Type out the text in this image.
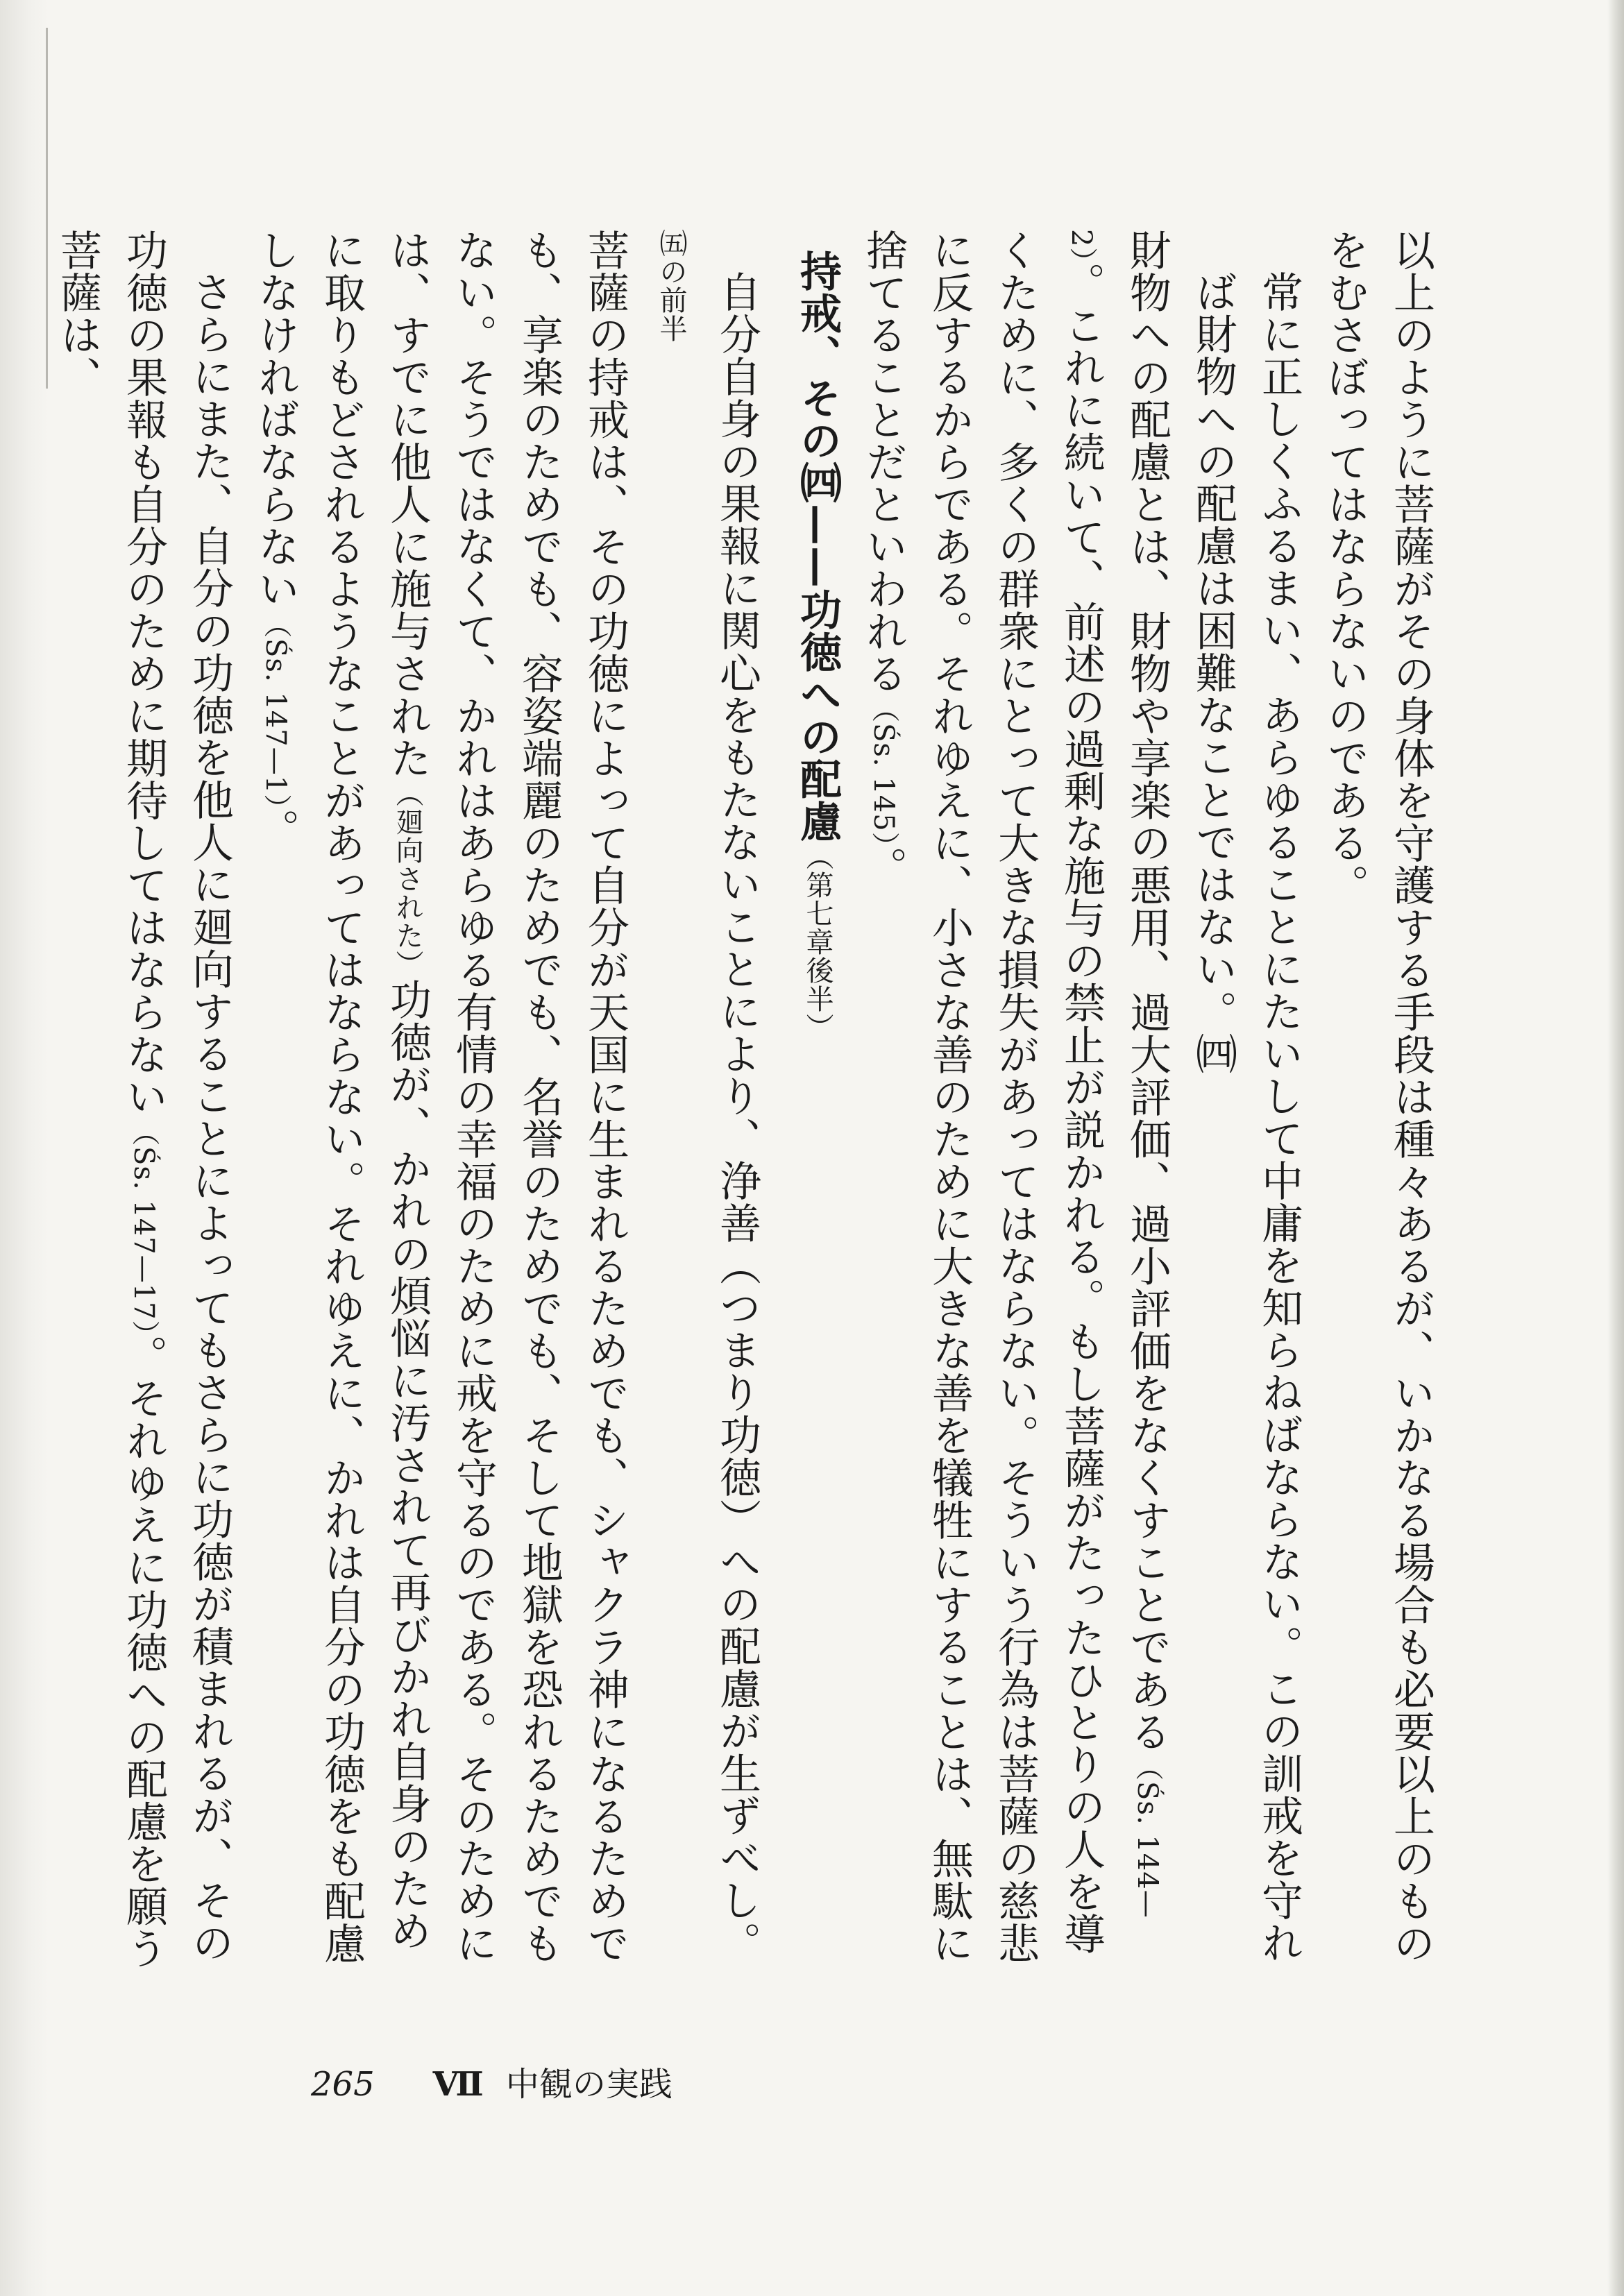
以上のように菩薩がその身体を守護する手段は種々あるが、いかなる場合も必要以上のものをむさぼってはならないのである。

常に正しくふるまい、あらゆることにたいして中庸を知らねばならない。この訓戒を守れば財物への配慮は困難なことではない。㈣

財物への配慮とは、財物や享楽の悪用、過大評価、過小評価をなくすことである（Śs. 144—2）。これに続いて、前述の過剰な施与の禁止が説かれる。もし菩薩がたったひとりの人を導くために、多くの群衆にとって大きな損失があってはならない。そういう行為は菩薩の慈悲に反するからである。それゆえに、小さな善のために大きな善を犠牲にすることは、無駄に捨てることだといわれる（Śs. 145）。

持戒、その㈣——功徳への配慮（第七章後半）

自分自身の果報に関心をもたないことにより、浄善（つまり功徳）への配慮が生ずべし。㈤の前半

菩薩の持戒は、その功徳によって自分が天国に生まれるためでも、シャクラ神になるためでも、享楽のためでも、容姿端麗のためでも、名誉のためでも、そして地獄を恐れるためでもない。そうではなくて、かれはあらゆる有情の幸福のために戒を守るのである。そのためには、すでに他人に施与された（廻向された）功徳が、かれの煩悩に汚されて再びかれ自身のために取りもどされるようなことがあってはならない。それゆえに、かれは自分の功徳をも配慮しなければならない（Śs. 147—1）。

さらにまた、自分の功徳を他人に廻向することによってもさらに功徳が積まれるが、その功徳の果報も自分のために期待してはならない（Śs. 147—17）。それゆえに功徳への配慮を願う菩薩は、

265 Ⅶ 中観の実践
